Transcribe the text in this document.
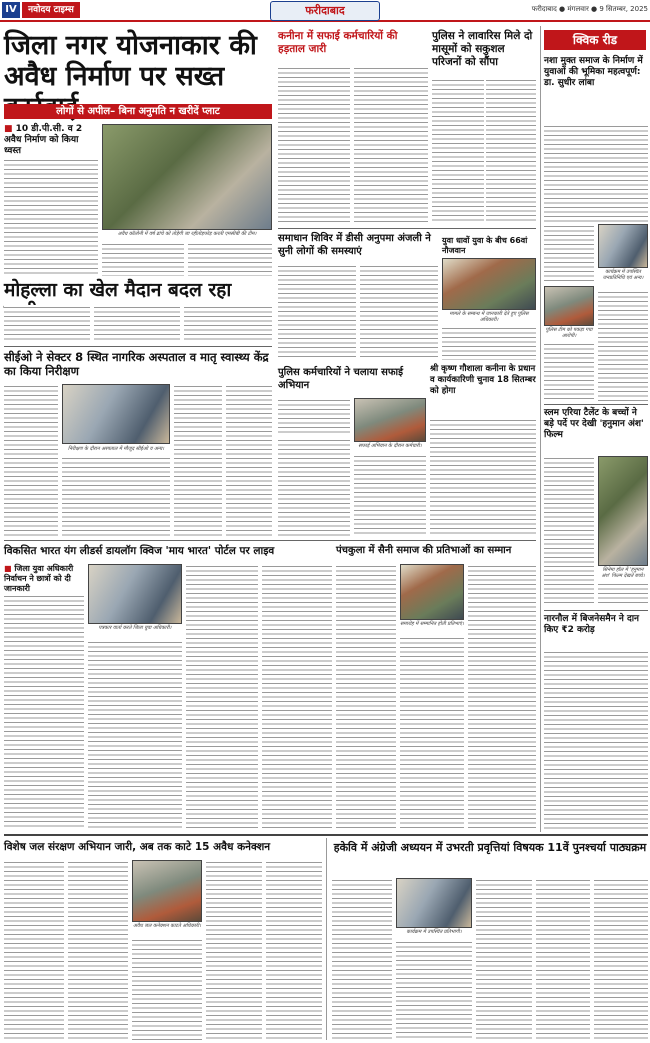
IV	नवोदय टाइम्स	फरीदाबाद	फरीदाबाद ● मंगलवार ● 9 सितम्बर, 2025
जिला नगर योजनाकार की अवैध निर्माण पर सख्त
लोगों से अपील– बिना अनुमति न खरीदें प्लाट
■ 10 डी.पी.सी. व 2 अवैध निर्माण को किया ध्वस्त
अवैध कॉलोनी में वर्ष ढांचे को तोड़ेगी जा रहीतोड़फोड़ करती एमसीबी की टीम।
मोहल्ला का खेल मैदान बदल रहा
सीईओ ने सेक्टर 8 स्थित नागरिक अस्पताल व मातृ स्वास्थ्य केंद्र का किया निरीक्षण
निरीक्षण के दौरान अस्पताल में मौजूद सीईओ व अन्य।
कनीना में सफाई कर्मचारियों की हड़ताल जारी
पुलिस ने लावारिस मिले दो मासूमों को सकुशल परिजनों को सौंपा
समाधान शिविर में डीसी अनुपमा अंजली ने सुनी लोगों की समस्याएं
युवा धावों युवा के बीच 66वां नौजवान
मामले के सम्बन्ध में जानकारी देते हुए पुलिस अधिकारी।
श्री कृष्ण गौशाला कनीना के प्रधान व कार्यकारिणी चुनाव 18 सितम्बर को होगा
पुलिस कर्मचारियों ने चलाया सफाई अभियान
सफाई अभियान के दौरान कर्मचारी।
विकसित भारत यंग लीडर्स डायलॉग क्विज 'माय भारत' पोर्टल पर लाइव
■ जिला युवा अधिकारी निर्वाचन ने छात्रों को दी जानकारी
पत्रकार वार्ता करते जिला युवा अधिकारी।
पंचकुला में सैनी समाज की प्रतिभाओं का सम्मान
समारोह में सम्मानित होती प्रतिभाएं।
क्विक रीड
नशा मुक्त समाज के निर्माण में युवाओं की भूमिका महत्वपूर्ण: डा. सुधीर लांबा
कार्यक्रम में उपस्थित जनप्रतिनिधि एवं अन्य।
पुलिस टीम को पकड़ा गया आरोपी।
स्लम एरिया टैलेंट के बच्चों ने बड़े पर्दे पर देखी 'हनुमान अंश' फिल्म
सिनेमा हॉल में 'हनुमान अंश' फिल्म देखते बच्चे।
नारनौल में बिजनेसमैन ने दान किए ₹2 करोड़
विशेष जल संरक्षण अभियान जारी, अब तक काटे 15 अवैध कनेक्शन
अवैध जल कनेक्शन काटते अधिकारी।
हकेवि में अंग्रेजी अध्ययन में उभरती प्रवृत्तियां विषयक 11वें पुनश्चर्या पाठ्यक्रम
कार्यक्रम में उपस्थित प्रतिभागी।
